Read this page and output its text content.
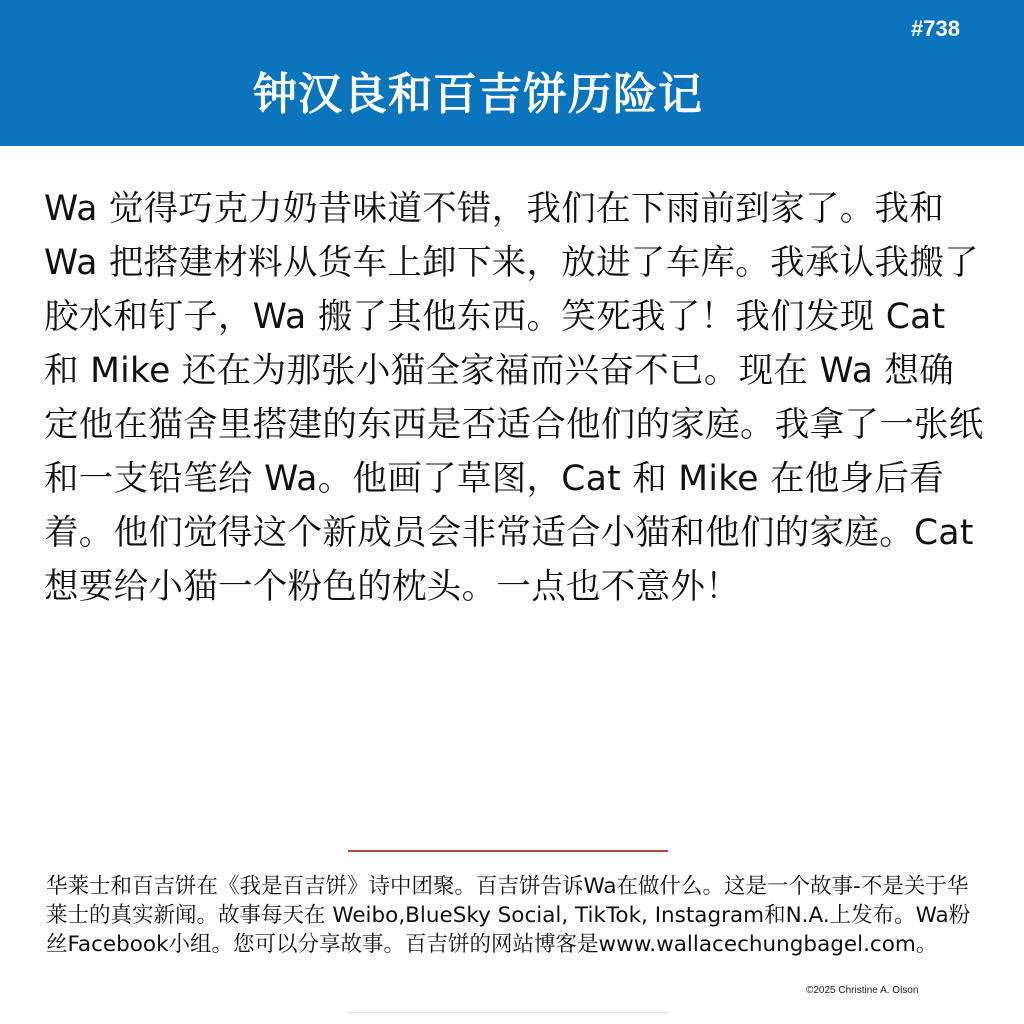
#738
钟汉良和百吉饼历险记

Wa 觉得巧克力奶昔味道不错，我们在下雨前到家了。我和 Wa 把搭建材料从货车上卸下来，放进了车库。我承认我搬了胶水和钉子，Wa 搬了其他东西。笑死我了！我们发现 Cat 和 Mike 还在为那张小猫全家福而兴奋不已。现在 Wa 想确定他在猫舍里搭建的东西是否适合他们的家庭。我拿了一张纸和一支铅笔给 Wa。他画了草图，Cat 和 Mike 在他身后看着。他们觉得这个新成员会非常适合小猫和他们的家庭。Cat 想要给小猫一个粉色的枕头。一点也不意外！

华莱士和百吉饼在《我是百吉饼》诗中团聚。百吉饼告诉Wa在做什么。这是一个故事-不是关于华莱士的真实新闻。故事每天在 Weibo,BlueSky Social, TikTok, Instagram和N.A.上发布。Wa粉丝Facebook小组。您可以分享故事。百吉饼的网站博客是www.wallacechungbagel.com。

©2025 Christine A. Olson
